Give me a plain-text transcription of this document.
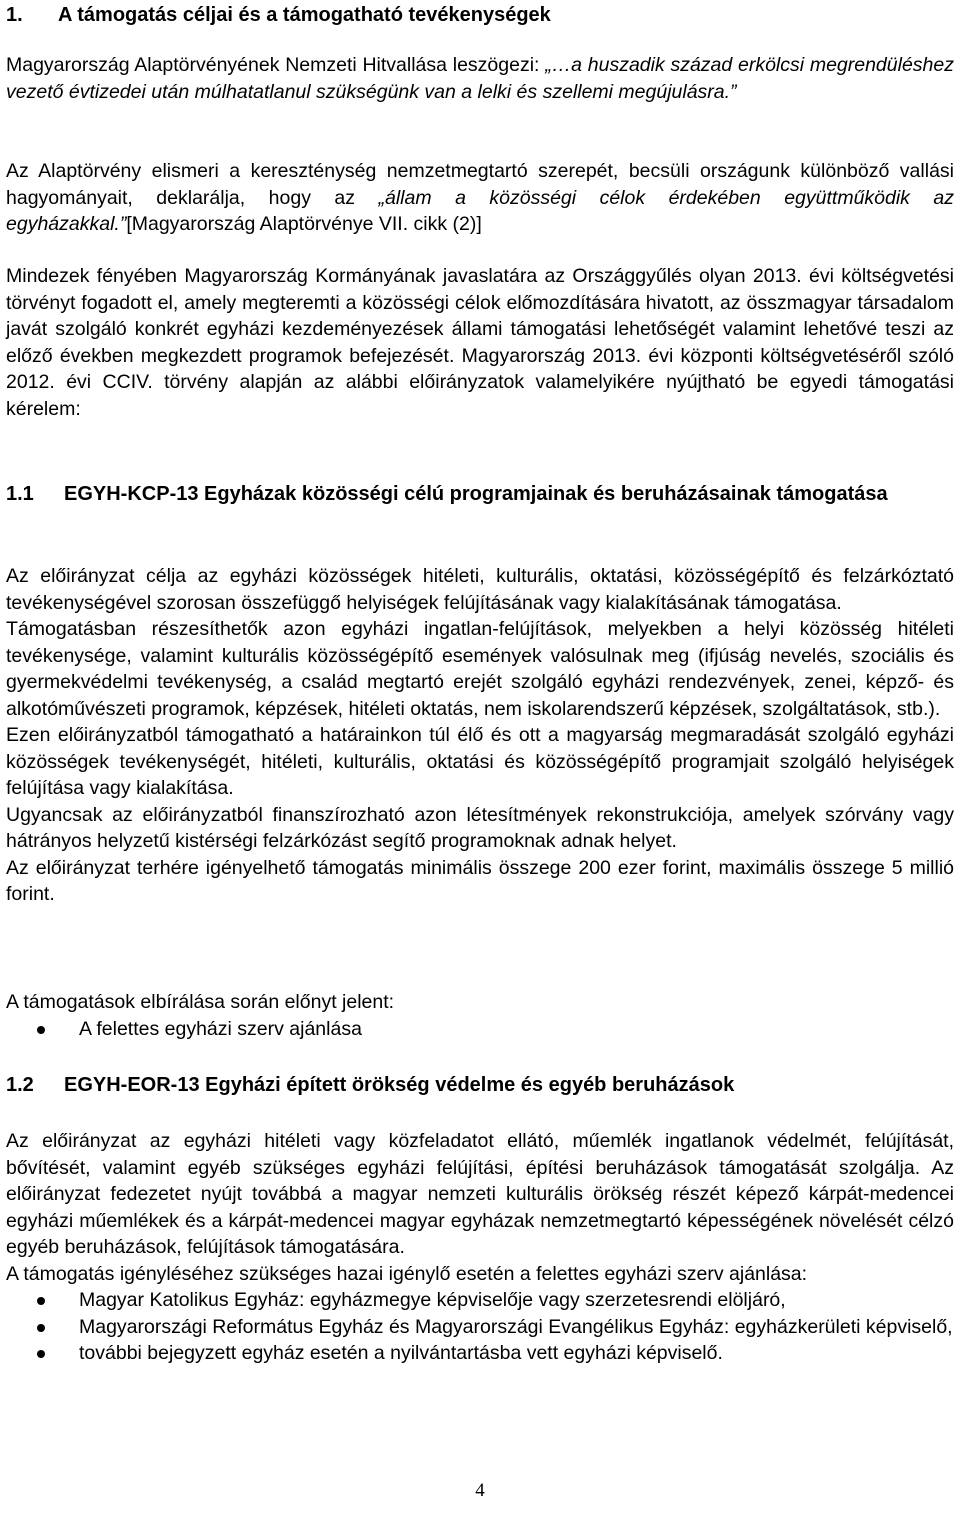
1. A támogatás céljai és a támogatható tevékenységek

Magyarország Alaptörvényének Nemzeti Hitvallása leszögezi: „…a huszadik század erkölcsi megrendüléshez vezető évtizedei után múlhatatlanul szükségünk van a lelki és szellemi megújulásra.”

Az Alaptörvény elismeri a kereszténység nemzetmegtartó szerepét, becsüli országunk különböző vallási hagyományait, deklarálja, hogy az „állam a közösségi célok érdekében együttműködik az egyházakkal.”[Magyarország Alaptörvénye VII. cikk (2)]

Mindezek fényében Magyarország Kormányának javaslatára az Országgyűlés olyan 2013. évi költségvetési törvényt fogadott el, amely megteremti a közösségi célok előmozdítására hivatott, az összmagyar társadalom javát szolgáló konkrét egyházi kezdeményezések állami támogatási lehetőségét valamint lehetővé teszi az előző években megkezdett programok befejezését. Magyarország 2013. évi központi költségvetéséről szóló 2012. évi CCIV. törvény alapján az alábbi előirányzatok valamelyikére nyújtható be egyedi támogatási kérelem:

1.1	EGYH-KCP-13 Egyházak közösségi célú programjainak és beruházásainak támogatása

Az előirányzat célja az egyházi közösségek hitéleti, kulturális, oktatási, közösségépítő és felzárkóztató tevékenységével szorosan összefüggő helyiségek felújításának vagy kialakításának támogatása.

Támogatásban részesíthetők azon egyházi ingatlan-felújítások, melyekben a helyi közösség hitéleti tevékenysége, valamint kulturális közösségépítő események valósulnak meg (ifjúság nevelés, szociális és gyermekvédelmi tevékenység, a család megtartó erejét szolgáló egyházi rendezvények, zenei, képző- és alkotóművészeti programok, képzések, hitéleti oktatás, nem iskolarendszerű képzések, szolgáltatások, stb.).

Ezen előirányzatból támogatható a határainkon túl élő és ott a magyarság megmaradását szolgáló egyházi közösségek tevékenységét, hitéleti, kulturális, oktatási és közösségépítő programjait szolgáló helyiségek felújítása vagy kialakítása.

Ugyancsak az előirányzatból finanszírozható azon létesítmények rekonstrukciója, amelyek szórvány vagy hátrányos helyzetű kistérségi felzárkózást segítő programoknak adnak helyet.

Az előirányzat terhére igényelhető támogatás minimális összege 200 ezer forint, maximális összege 5 millió forint.

A támogatások elbírálása során előnyt jelent:

A felettes egyházi szerv ajánlása
1.2	EGYH-EOR-13 Egyházi épített örökség védelme és egyéb beruházások

Az előirányzat az egyházi hitéleti vagy közfeladatot ellátó, műemlék ingatlanok védelmét, felújítását, bővítését, valamint egyéb szükséges egyházi felújítási, építési beruházások támogatását szolgálja. Az előirányzat fedezetet nyújt továbbá a magyar nemzeti kulturális örökség részét képező kárpát-medencei egyházi műemlékek és a kárpát-medencei magyar egyházak nemzetmegtartó képességének növelését célzó egyéb beruházások, felújítások támogatására.

A támogatás igényléséhez szükséges hazai igénylő esetén a felettes egyházi szerv ajánlása:

Magyar Katolikus Egyház: egyházmegye képviselője vagy szerzetesrendi elöljáró,
Magyarországi Református Egyház és Magyarországi Evangélikus Egyház: egyházkerületi képviselő,
további bejegyzett egyház esetén a nyilvántartásba vett egyházi képviselő.
4
